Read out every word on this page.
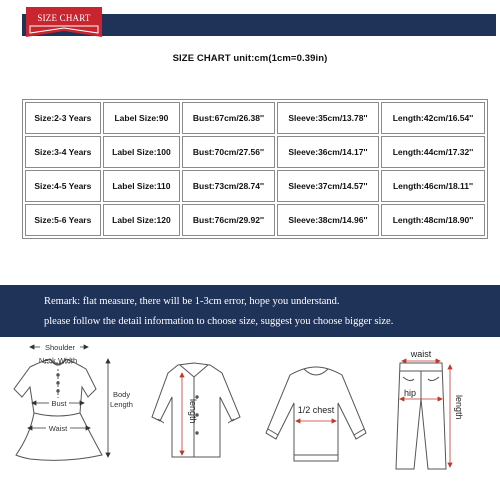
SIZE CHART
SIZE CHART unit:cm(1cm=0.39in)
Size:2-3 Years	Label Size:90	Bust:67cm/26.38''	Sleeve:35cm/13.78''	Length:42cm/16.54''
Size:3-4 Years	Label Size:100	Bust:70cm/27.56''	Sleeve:36cm/14.17''	Length:44cm/17.32''
Size:4-5 Years	Label Size:110	Bust:73cm/28.74''	Sleeve:37cm/14.57''	Length:46cm/18.11''
Size:5-6 Years	Label Size:120	Bust:76cm/29.92''	Sleeve:38cm/14.96''	Length:48cm/18.90''
Remark: flat measure, there will be 1-3cm error, hope you understand.
please follow the detail information to choose size, suggest you choose bigger size.
Shoulder
Neck Width
Bust
Waist
Body
Length	length	1/2 chest
waist
hip
length
